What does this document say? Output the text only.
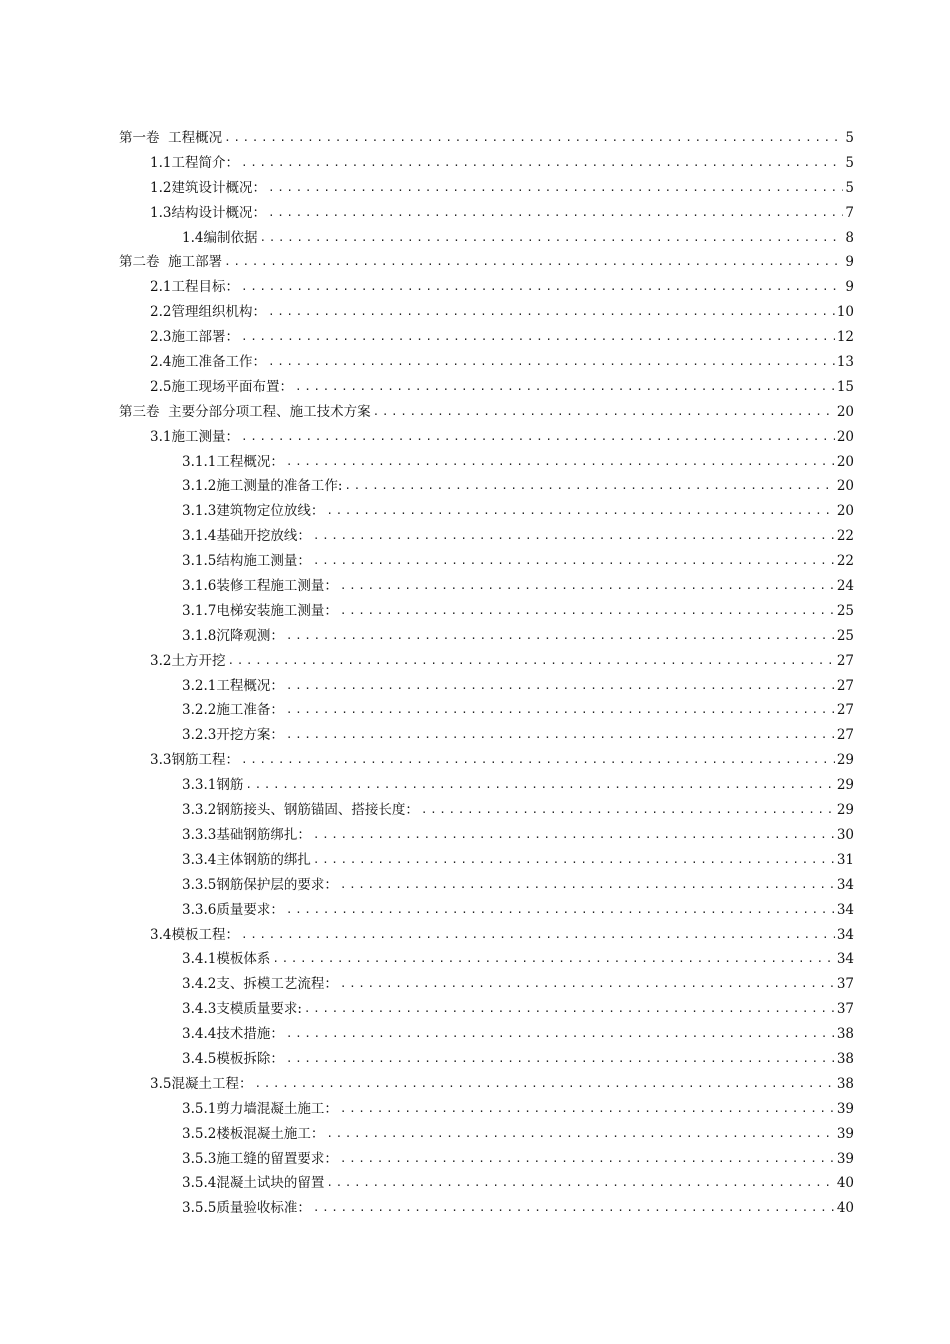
第一卷  工程概况 .....	5
1.1工程简介： .....	5
1.2建筑设计概况： .....	5
1.3结构设计概况： .....	7
1.4编制依据 .....	8
第二卷  施工部署 .....	9
2.1工程目标： .....	9
2.2管理组织机构： .....	10
2.3施工部署： .....	12
2.4施工准备工作： .....	13
2.5施工现场平面布置： .....	15
第三卷  主要分部分项工程、施工技术方案 .....	20
3.1施工测量： .....	20
3.1.1工程概况： .....	20
3.1.2施工测量的准备工作: .....	20
3.1.3建筑物定位放线： .....	20
3.1.4基础开挖放线： .....	22
3.1.5结构施工测量： .....	22
3.1.6装修工程施工测量： .....	24
3.1.7电梯安装施工测量： .....	25
3.1.8沉降观测： .....	25
3.2土方开挖 .....	27
3.2.1工程概况： .....	27
3.2.2施工准备： .....	27
3.2.3开挖方案： .....	27
3.3钢筋工程： .....	29
3.3.1钢筋 .....	29
3.3.2钢筋接头、钢筋锚固、搭接长度： .....	29
3.3.3基础钢筋绑扎： .....	30
3.3.4主体钢筋的绑扎 .....	31
3.3.5钢筋保护层的要求： .....	34
3.3.6质量要求： .....	34
3.4模板工程： .....	34
3.4.1模板体系 .....	34
3.4.2支、拆模工艺流程： .....	37
3.4.3支模质量要求: .....	37
3.4.4技术措施： .....	38
3.4.5模板拆除： .....	38
3.5混凝土工程： .....	38
3.5.1剪力墙混凝土施工： .....	39
3.5.2楼板混凝土施工： .....	39
3.5.3施工缝的留置要求： .....	39
3.5.4混凝土试块的留置 .....	40
3.5.5质量验收标准： .....	40
